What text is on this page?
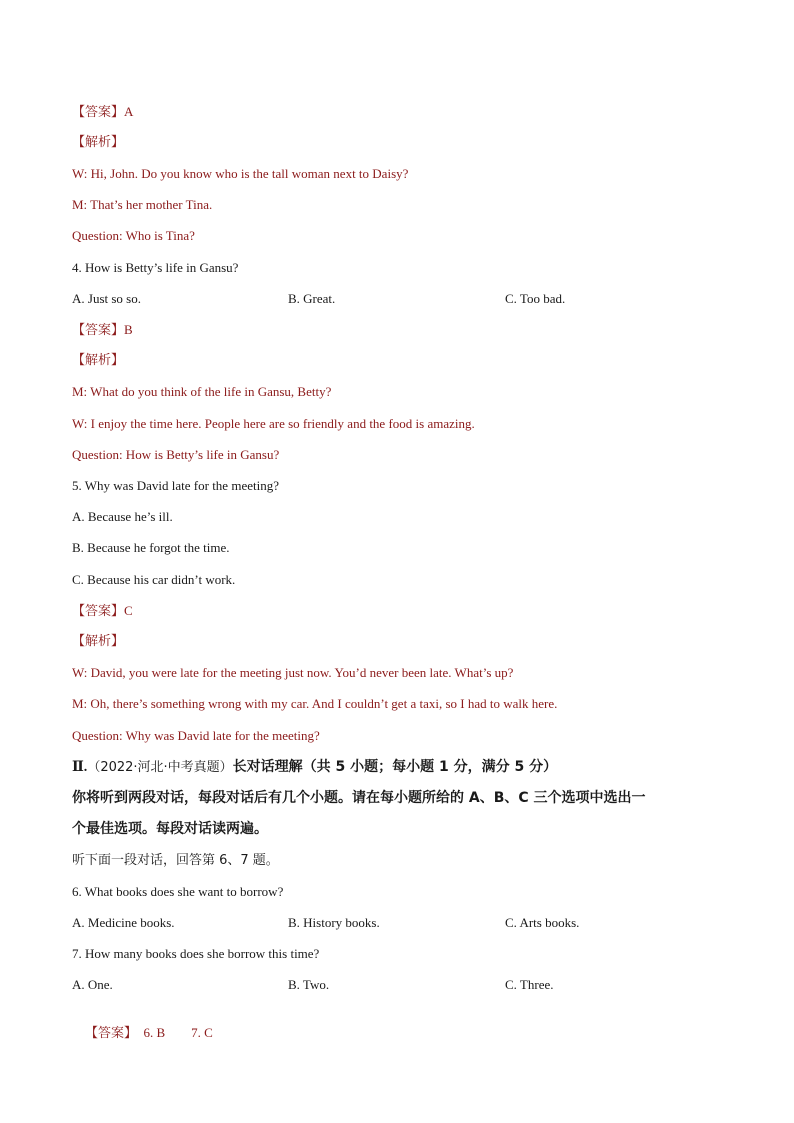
【答案】A
【解析】
W: Hi, John. Do you know who is the tall woman next to Daisy?
M: That’s her mother Tina.
Question: Who is Tina?
4. How is Betty’s life in Gansu?
A. Just so so.	B. Great.	C. Too bad.
【答案】B
【解析】
M: What do you think of the life in Gansu, Betty?
W: I enjoy the time here. People here are so friendly and the food is amazing.
Question: How is Betty’s life in Gansu?
5. Why was David late for the meeting?
A. Because he’s ill.
B. Because he forgot the time.
C. Because his car didn’t work.
【答案】C
【解析】
W: David, you were late for the meeting just now. You’d never been late. What’s up?
M: Oh, there’s something wrong with my car. And I couldn’t get a taxi, so I had to walk here.
Question: Why was David late for the meeting?
Ⅱ.（2022·河北·中考真题）长对话理解（共 5 小题；每小题 1 分，满分 5 分）
你将听到两段对话，每段对话后有几个小题。请在每小题所给的 A、B、C 三个选项中选出一
个最佳选项。每段对话读两遍。
听下面一段对话，回答第 6、7 题。
6. What books does she want to borrow?
A. Medicine books.	B. History books.	C. Arts books.
7. How many books does she borrow this time?
A. One.	B. Two.	C. Three.

【答案】 6. B        7. C
